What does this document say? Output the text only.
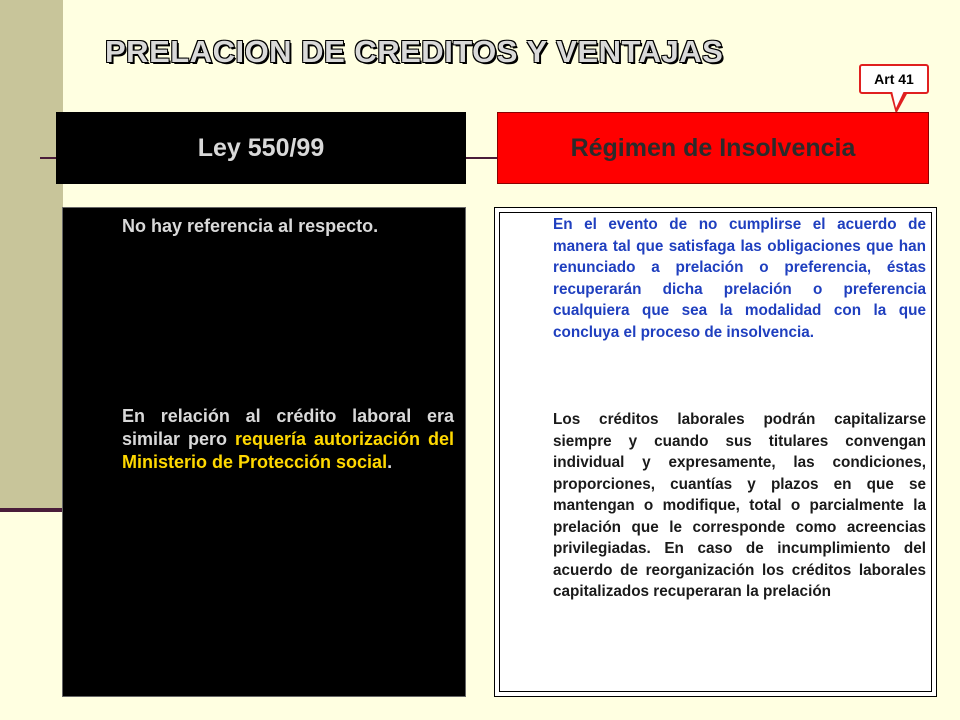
PRELACION DE CREDITOS Y VENTAJAS
Art 41
Ley 550/99	Régimen de Insolvencia
No hay referencia al respecto.
En relación al crédito laboral era similar pero requería autorización del Ministerio de Protección social.
En el evento de no cumplirse el acuerdo de manera tal que satisfaga las obligaciones que han renunciado a prelación o preferencia, éstas recuperarán dicha prelación o preferencia cualquiera que sea la modalidad con la que concluya el proceso de insolvencia.
Los créditos laborales podrán capitalizarse siempre y cuando sus titulares convengan individual y expresamente, las condiciones, proporciones, cuantías y plazos en que se mantengan o modifique, total o parcialmente la prelación que le corresponde como acreencias privilegiadas. En caso de incumplimiento del acuerdo de reorganización los créditos laborales capitalizados recuperaran la prelación
